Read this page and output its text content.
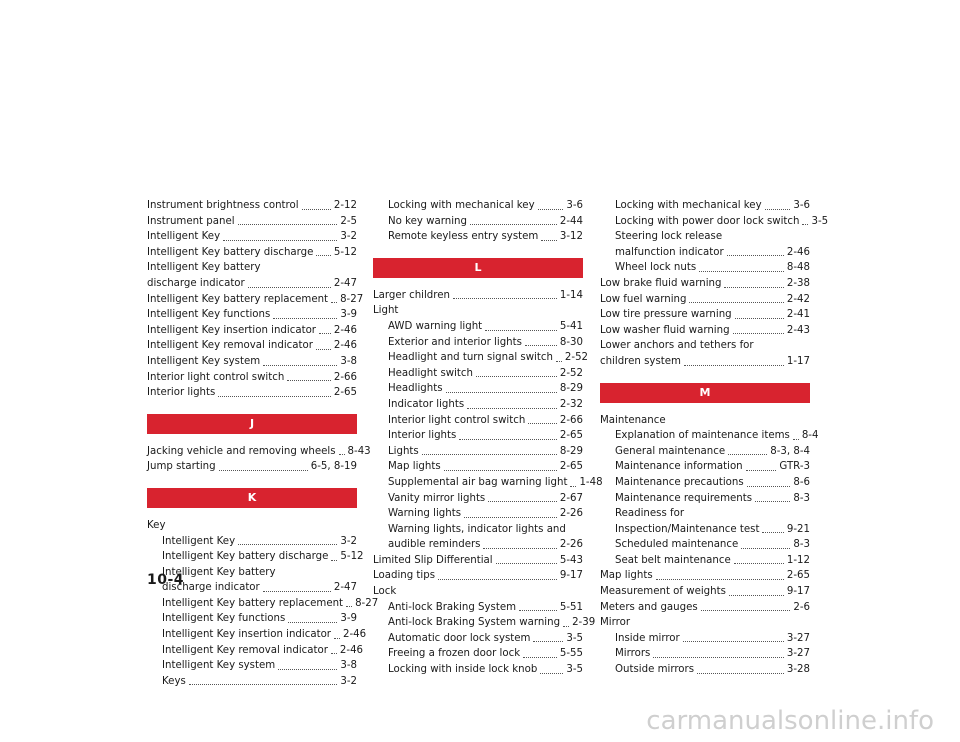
Instrument brightness control	2-12
Instrument panel	2-5
Intelligent Key	3-2
Intelligent Key battery discharge 5-12
Intelligent Key battery
discharge indicator	2-47
Intelligent Key battery replacement 8-27
Intelligent Key functions	3-9
Intelligent Key insertion indicator 2-46
Intelligent Key removal indicator 2-46
Intelligent Key system	3-8
Interior light control switch	2-66
Interior lights	2-65
J
Jacking vehicle and removing wheels 8-43
Jump starting	6-5, 8-19
K
Key
Intelligent Key	3-2
Intelligent Key battery discharge 5-12
Intelligent Key battery
discharge indicator	2-47
Intelligent Key battery replacement 8-27
Intelligent Key functions	3-9
Intelligent Key insertion indicator 2-46
Intelligent Key removal indicator 2-46
Intelligent Key system	3-8
Keys	3-2
Locking with mechanical key	3-6
No key warning	2-44
Remote keyless entry system 3-12
L
Larger children	1-14
Light
AWD warning light	5-41
Exterior and interior lights	8-30
Headlight and turn signal switch 2-52
Headlight switch	2-52
Headlights	8-29
Indicator lights	2-32
Interior light control switch	2-66
Interior lights	2-65
Lights	8-29
Map lights	2-65
Supplemental air bag warning light 1-48
Vanity mirror lights	2-67
Warning lights	2-26
Warning lights, indicator lights and
audible reminders	2-26
Limited Slip Differential	5-43
Loading tips	9-17
Lock
Anti-lock Braking System	5-51
Anti-lock Braking System warning 2-39
Automatic door lock system	3-5
Freeing a frozen door lock	5-55
Locking with inside lock knob	3-5
Locking with mechanical key	3-6
Locking with power door lock switch 3-5
Steering lock release
malfunction indicator	2-46
Wheel lock nuts	8-48
Low brake fluid warning	2-38
Low fuel warning	2-42
Low tire pressure warning	2-41
Low washer fluid warning	2-43
Lower anchors and tethers for
children system	1-17
M
Maintenance
Explanation of maintenance items 8-4
General maintenance	8-3, 8-4
Maintenance information	GTR-3
Maintenance precautions	8-6
Maintenance requirements	8-3
Readiness for
Inspection/Maintenance test	9-21
Scheduled maintenance	8-3
Seat belt maintenance	1-12
Map lights	2-65
Measurement of weights	9-17
Meters and gauges	2-6
Mirror
Inside mirror	3-27
Mirrors	3-27
Outside mirrors	3-28
10-4
carmanualsonline.info
